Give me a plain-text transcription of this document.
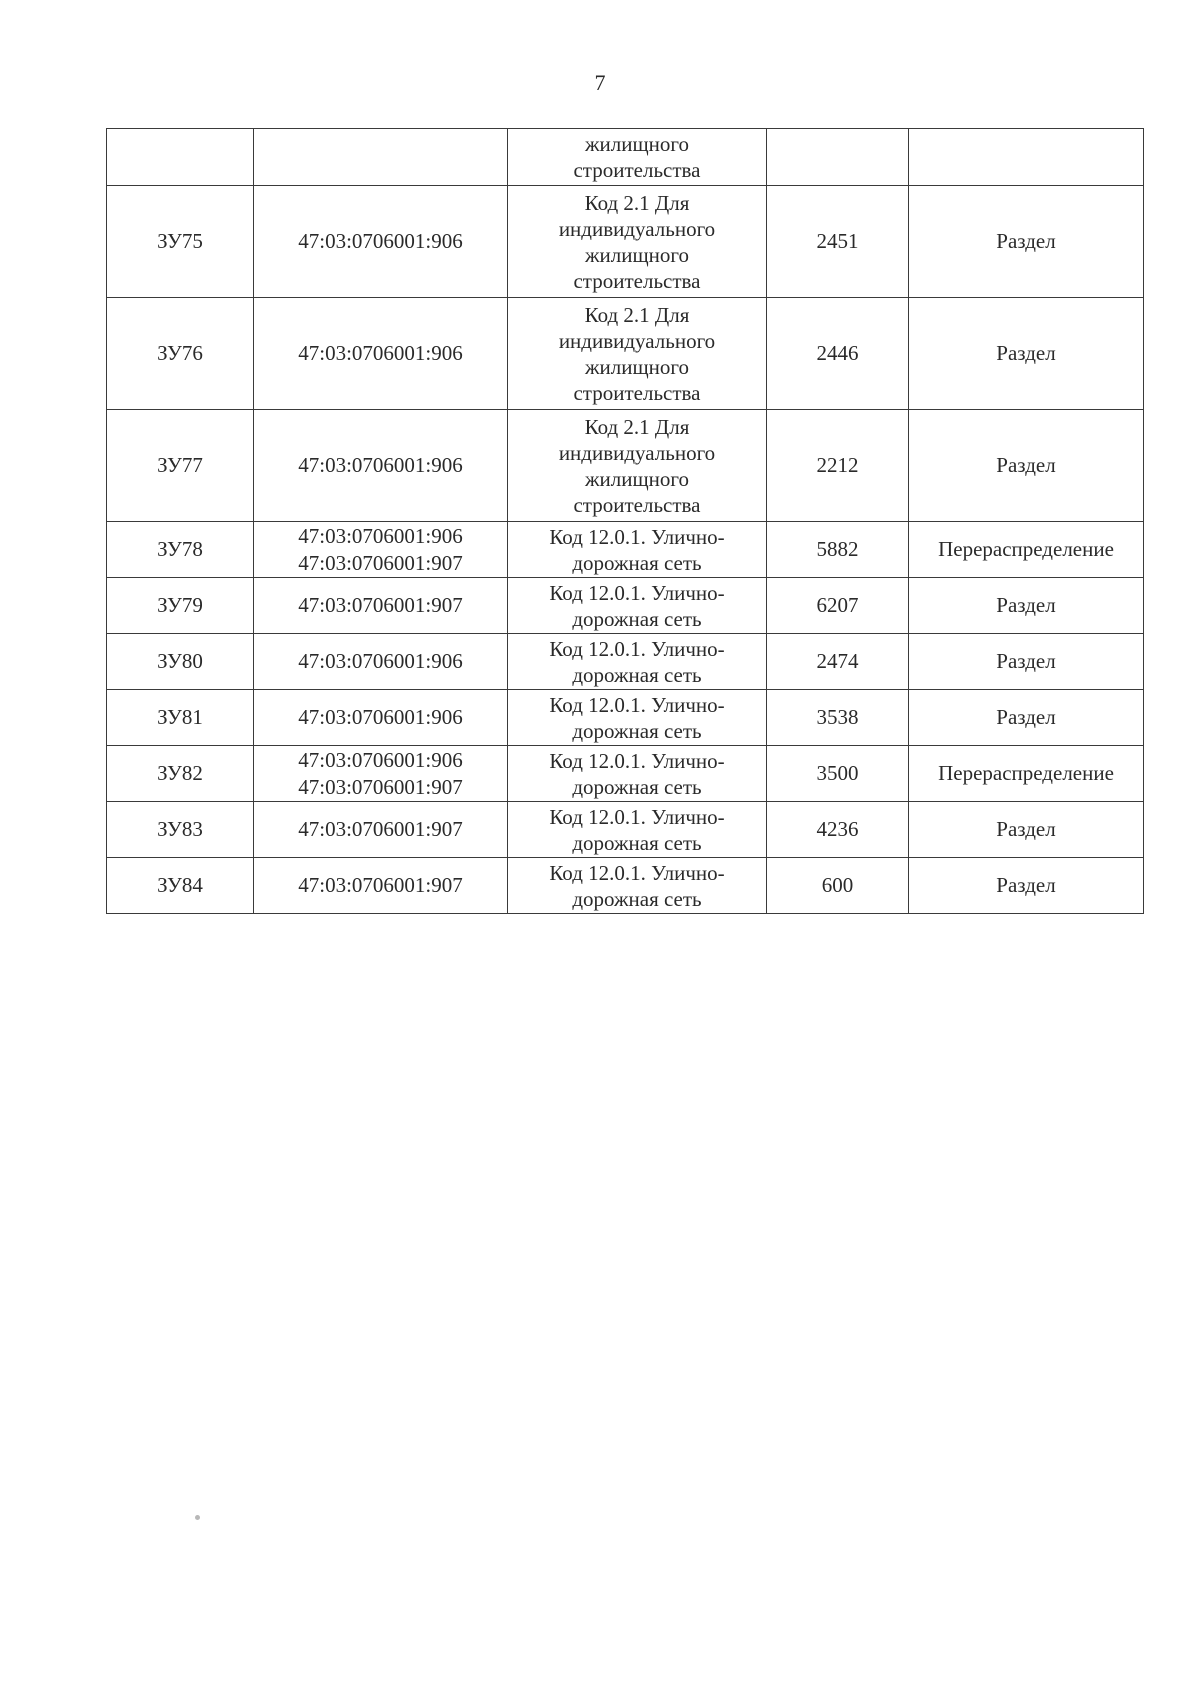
7

		жилищного
строительства		

ЗУ75	47:03:0706001:906	Код 2.1 Для
индивидуального
жилищного
строительства	2451	Раздел
ЗУ76	47:03:0706001:906	Код 2.1 Для
индивидуального
жилищного
строительства	2446	Раздел
ЗУ77	47:03:0706001:906	Код 2.1 Для
индивидуального
жилищного
строительства	2212	Раздел
ЗУ78	47:03:0706001:906
47:03:0706001:907	Код 12.0.1. Улично-
дорожная сеть	5882	Перераспределение
ЗУ79	47:03:0706001:907	Код 12.0.1. Улично-
дорожная сеть	6207	Раздел
ЗУ80	47:03:0706001:906	Код 12.0.1. Улично-
дорожная сеть	2474	Раздел
ЗУ81	47:03:0706001:906	Код 12.0.1. Улично-
дорожная сеть	3538	Раздел
ЗУ82	47:03:0706001:906
47:03:0706001:907	Код 12.0.1. Улично-
дорожная сеть	3500	Перераспределение
ЗУ83	47:03:0706001:907	Код 12.0.1. Улично-
дорожная сеть	4236	Раздел
ЗУ84	47:03:0706001:907	Код 12.0.1. Улично-
дорожная сеть	600	Раздел
